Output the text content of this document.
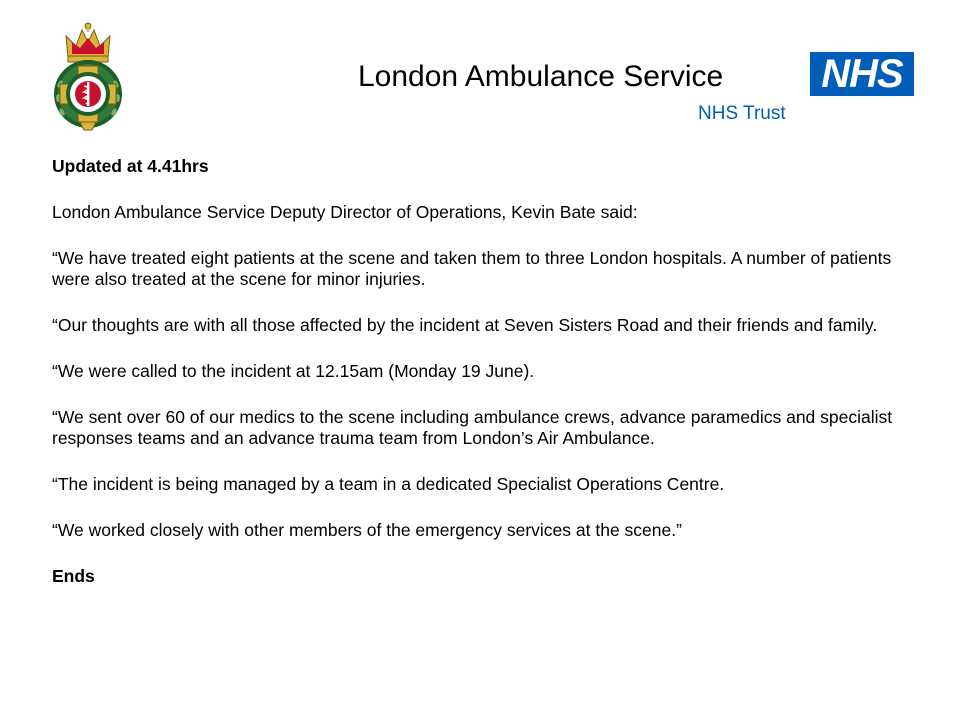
London Ambulance Service NHS
NHS Trust

Updated at 4.41hrs

London Ambulance Service Deputy Director of Operations, Kevin Bate said:

“We have treated eight patients at the scene and taken them to three London hospitals. A number of patients were also treated at the scene for minor injuries.

“Our thoughts are with all those affected by the incident at Seven Sisters Road and their friends and family.

“We were called to the incident at 12.15am (Monday 19 June).

“We sent over 60 of our medics to the scene including ambulance crews, advance paramedics and specialist responses teams and an advance trauma team from London’s Air Ambulance.

“The incident is being managed by a team in a dedicated Specialist Operations Centre.

“We worked closely with other members of the emergency services at the scene.”

Ends
